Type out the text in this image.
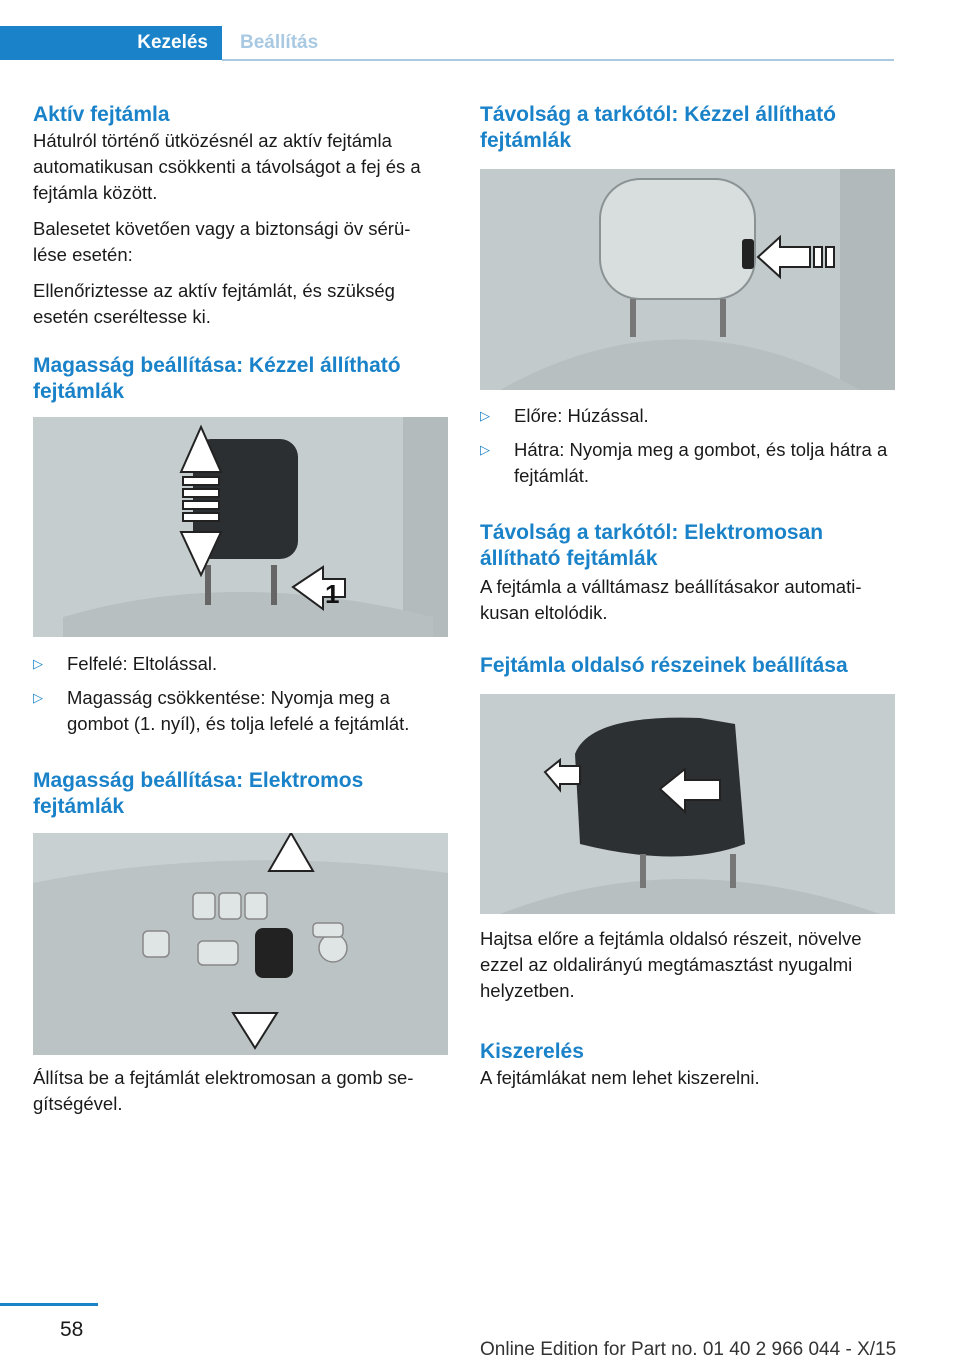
Kezelés	Beállítás
Aktív fejtámla

Hátulról történő ütközésnél az aktív fejtámla automatikusan csökkenti a távolságot a fej és a fejtámla között.

Balesetet követően vagy a biztonsági öv sérü‐ lése esetén:

Ellenőriztesse az aktív fejtámlát, és szükség esetén cseréltesse ki.

Magasság beállítása: Kézzel állítható fejtámlák
1
▷ Felfelé: Eltolással.
▷ Magasság csökkentése: Nyomja meg a gombot (1. nyíl), és tolja lefelé a fejtámlát.
Magasság beállítása: Elektromos fejtámlák

Állítsa be a fejtámlát elektromosan a gomb se‐ gítségével.

Távolság a tarkótól: Kézzel állítható fejtámlák
▷ Előre: Húzással.
▷ Hátra: Nyomja meg a gombot, és tolja hátra a fejtámlát.
Távolság a tarkótól: Elektromosan állítható fejtámlák

A fejtámla a válltámasz beállításakor automati‐ kusan eltolódik.

Fejtámla oldalsó részeinek beállítása

Hajtsa előre a fejtámla oldalsó részeit, növelve ezzel az oldalirányú megtámasztást nyugalmi helyzetben.

Kiszerelés

A fejtámlákat nem lehet kiszerelni.

58
Online Edition for Part no. 01 40 2 966 044 - X/15
